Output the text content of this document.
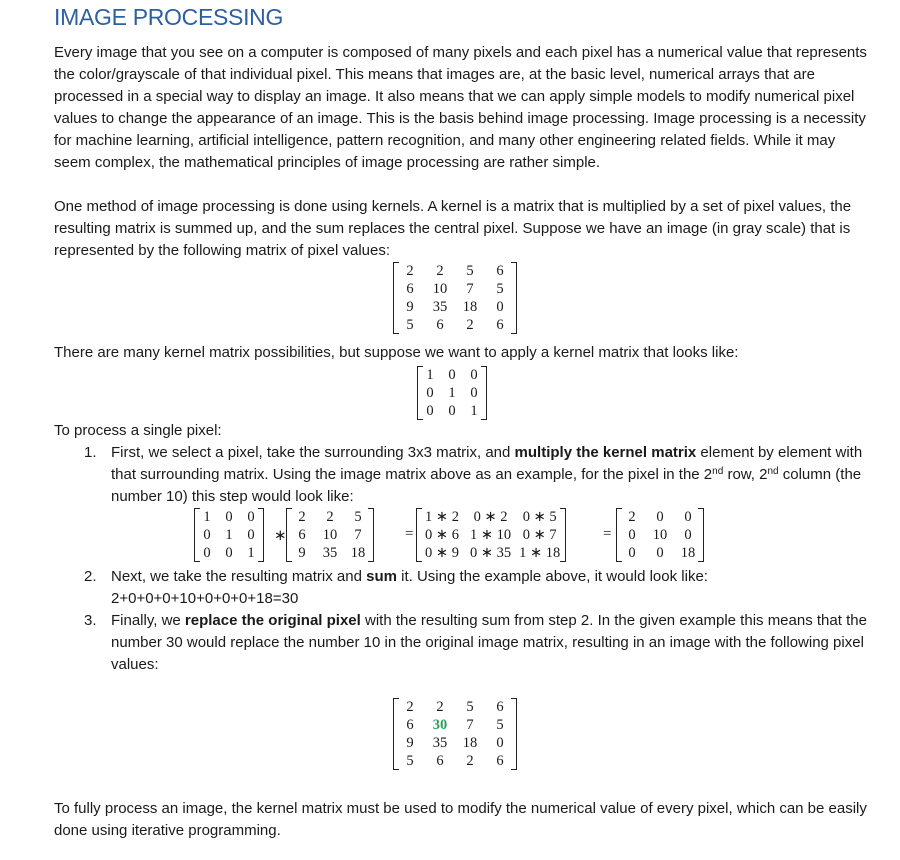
IMAGE PROCESSING

Every image that you see on a computer is composed of many pixels and each pixel has a numerical value that represents the color/grayscale of that individual pixel. This means that images are, at the basic level, numerical arrays that are processed in a special way to display an image. It also means that we can apply simple models to modify numerical pixel values to change the appearance of an image. This is the basis behind image processing. Image processing is a necessity for machine learning, artificial intelligence, pattern recognition, and many other engineering related fields. While it may seem complex, the mathematical principles of image processing are rather simple.

One method of image processing is done using kernels. A kernel is a matrix that is multiplied by a set of pixel values, the resulting matrix is summed up, and the sum replaces the central pixel. Suppose we have an image (in gray scale) that is represented by the following matrix of pixel values:

2	2	5	6
6	10	7	5
9	35	18	0
5	6	2	6

There are many kernel matrix possibilities, but suppose we want to apply a kernel matrix that looks like:

1	0	0
0	1	0
0	0	1

To process a single pixel:

1. First, we select a pixel, take the surrounding 3x3 matrix, and multiply the kernel matrix element by element with that surrounding matrix. Using the image matrix above as an example, for the pixel in the 2nd row, 2nd column (the number 10) this step would look like:
1	0	0
0	1	0
0	0	1
∗
2	2	5
6	10	7
9	35	18
=
1 ∗ 2	0 ∗ 2	0 ∗ 5
0 ∗ 6	1 ∗ 10	0 ∗ 7
0 ∗ 9	0 ∗ 35	1 ∗ 18
=
2	0	0
0	10	0
0	0	18
2. Next, we take the resulting matrix and sum it. Using the example above, it would look like:
2+0+0+0+10+0+0+0+18=30
3. Finally, we replace the original pixel with the resulting sum from step 2. In the given example this means that the number 30 would replace the number 10 in the original image matrix, resulting in an image with the following pixel values:
2	2	5	6
6	30	7	5
9	35	18	0
5	6	2	6

To fully process an image, the kernel matrix must be used to modify the numerical value of every pixel, which can be easily done using iterative programming.
